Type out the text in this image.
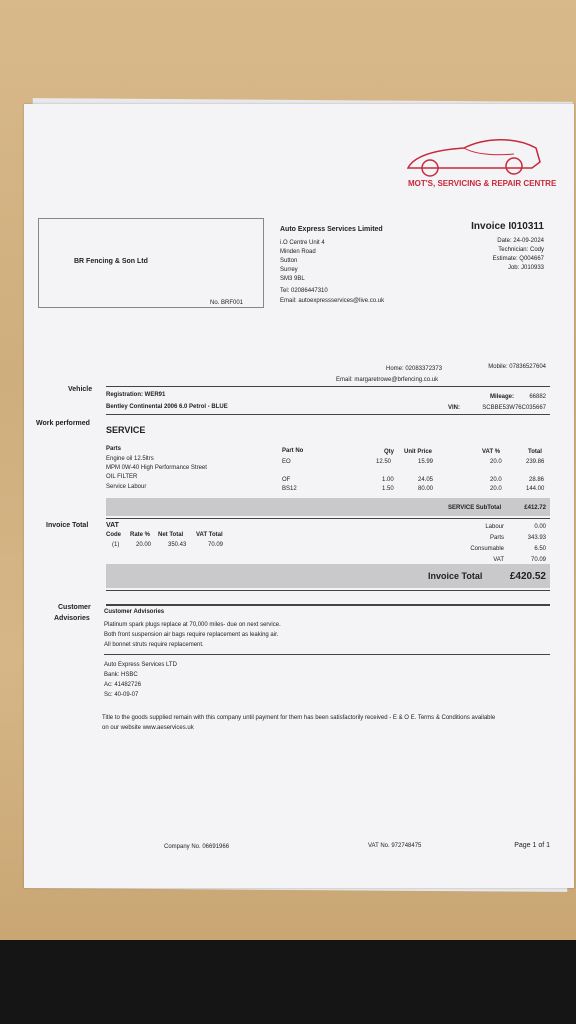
MOT'S, SERVICING & REPAIR CENTRE
BR Fencing & Son Ltd
No. BRF001
Auto Express Services Limited
i.O Centre Unit 4
Minden Road
Sutton
Surrey
SM3 9BL
Tel: 02086447310
Email: autoexpressservices@live.co.uk
Invoice I010311
Date: 24-09-2024
Technician: Cody
Estimate: Q004667
Job: J010933
Home: 02083372373	Mobile: 07836527604
Email: margaretrowe@brfencing.co.uk
Vehicle
Registration: WER91
Bentley Continental 2006 6.0 Petrol - BLUE
Mileage:	66882
VIN:	SCBBE53W76C035667
Work performed
SERVICE
Parts	Part No	Qty Unit Price	VAT %	Total
Engine oil 12.5ltrs	EO	12.50	15.99	20.0	239.86
MPM 0W-40 High Performance Street
OIL FILTER	OF	1.00	24.05	20.0	28.86
Service Labour	BS12	1.50	80.00	20.0	144.00
SERVICE SubTotal	£412.72
Invoice Total	VAT
Code Rate % Net Total VAT Total
(1)	20.00	350.43	70.09
Labour	0.00
Parts	343.93
Consumable	6.50
VAT	70.09
Invoice Total	£420.52
Customer
Advisories
Customer Advisories
Platinum spark plugs replace at 70,000 miles- due on next service.
Both front suspension air bags require replacement as leaking air.
All bonnet struts require replacement.
Auto Express Services LTD
Bank: HSBC
Ac: 41482726
Sc: 40-09-07
Title to the goods supplied remain with this company until payment for them has been satisfactorily received - E & O E. Terms & Conditions available
on our website www.aeservices.uk
Company No. 06691966	VAT No. 972748475	Page 1 of 1
